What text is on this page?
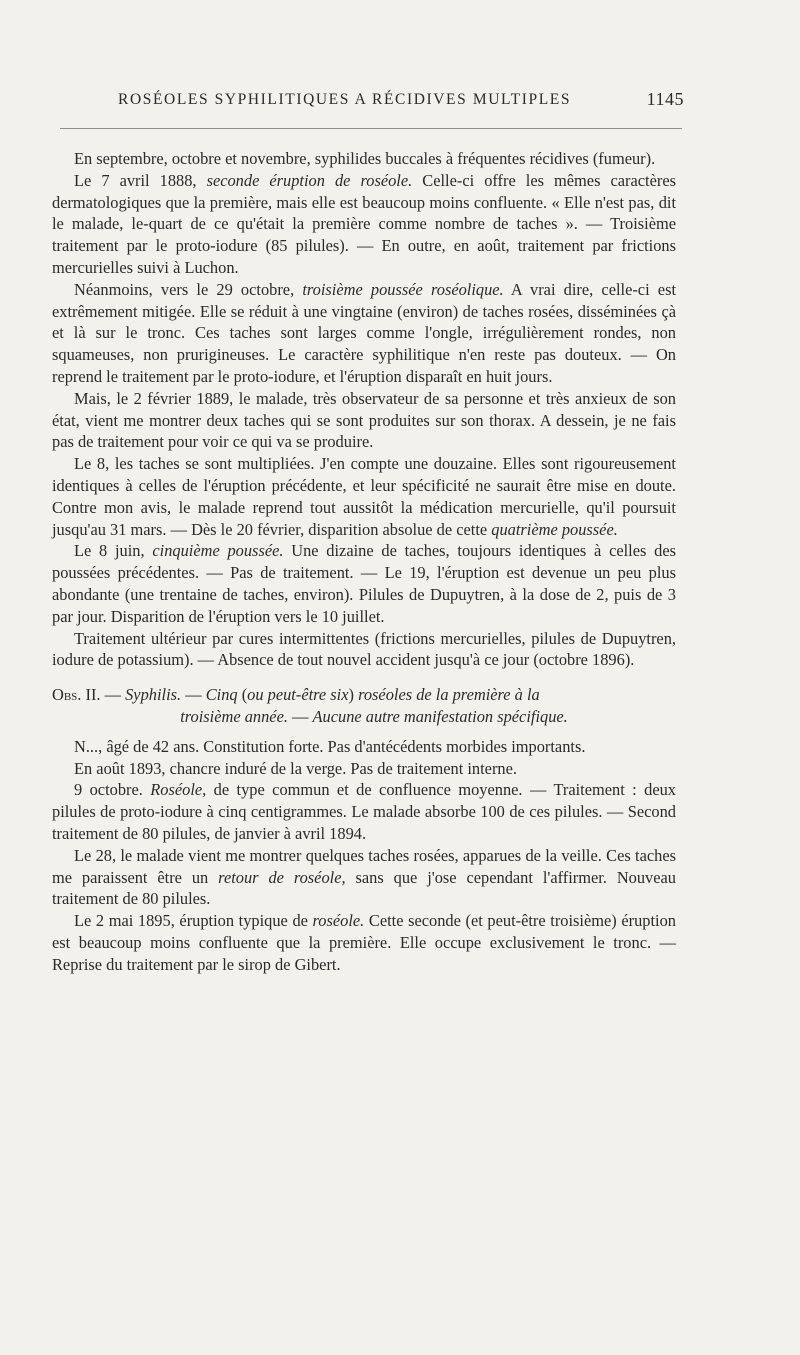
ROSÉOLES SYPHILITIQUES A RÉCIDIVES MULTIPLES	1145

En septembre, octobre et novembre, syphilides buccales à fréquentes récidives (fumeur).

Le 7 avril 1888, seconde éruption de roséole. Celle-ci offre les mêmes caractères dermatologiques que la première, mais elle est beaucoup moins confluente. « Elle n'est pas, dit le malade, le-quart de ce qu'était la première comme nombre de taches ». — Troisième traitement par le proto-iodure (85 pilules). — En outre, en août, traitement par frictions mercurielles suivi à Luchon.

Néanmoins, vers le 29 octobre, troisième poussée roséolique. A vrai dire, celle-ci est extrêmement mitigée. Elle se réduit à une vingtaine (environ) de taches rosées, disséminées çà et là sur le tronc. Ces taches sont larges comme l'ongle, irrégulièrement rondes, non squameuses, non prurigineuses. Le caractère syphilitique n'en reste pas douteux. — On reprend le traitement par le proto-iodure, et l'éruption disparaît en huit jours.

Mais, le 2 février 1889, le malade, très observateur de sa personne et très anxieux de son état, vient me montrer deux taches qui se sont produites sur son thorax. A dessein, je ne fais pas de traitement pour voir ce qui va se produire.

Le 8, les taches se sont multipliées. J'en compte une douzaine. Elles sont rigoureusement identiques à celles de l'éruption précédente, et leur spécificité ne saurait être mise en doute. Contre mon avis, le malade reprend tout aussitôt la médication mercurielle, qu'il poursuit jusqu'au 31 mars. — Dès le 20 février, disparition absolue de cette quatrième poussée.

Le 8 juin, cinquième poussée. Une dizaine de taches, toujours identiques à celles des poussées précédentes. — Pas de traitement. — Le 19, l'éruption est devenue un peu plus abondante (une trentaine de taches, environ). Pilules de Dupuytren, à la dose de 2, puis de 3 par jour. Disparition de l'éruption vers le 10 juillet.

Traitement ultérieur par cures intermittentes (frictions mercurielles, pilules de Dupuytren, iodure de potassium). — Absence de tout nouvel accident jusqu'à ce jour (octobre 1896).

Obs. II. — Syphilis. — Cinq (ou peut-être six) roséoles de la première à la
troisième année. — Aucune autre manifestation spécifique.

N..., âgé de 42 ans. Constitution forte. Pas d'antécédents morbides importants.

En août 1893, chancre induré de la verge. Pas de traitement interne.

9 octobre. Roséole, de type commun et de confluence moyenne. — Traitement : deux pilules de proto-iodure à cinq centigrammes. Le malade absorbe 100 de ces pilules. — Second traitement de 80 pilules, de janvier à avril 1894.

Le 28, le malade vient me montrer quelques taches rosées, apparues de la veille. Ces taches me paraissent être un retour de roséole, sans que j'ose cependant l'affirmer. Nouveau traitement de 80 pilules.

Le 2 mai 1895, éruption typique de roséole. Cette seconde (et peut-être troisième) éruption est beaucoup moins confluente que la première. Elle occupe exclusivement le tronc. — Reprise du traitement par le sirop de Gibert.
